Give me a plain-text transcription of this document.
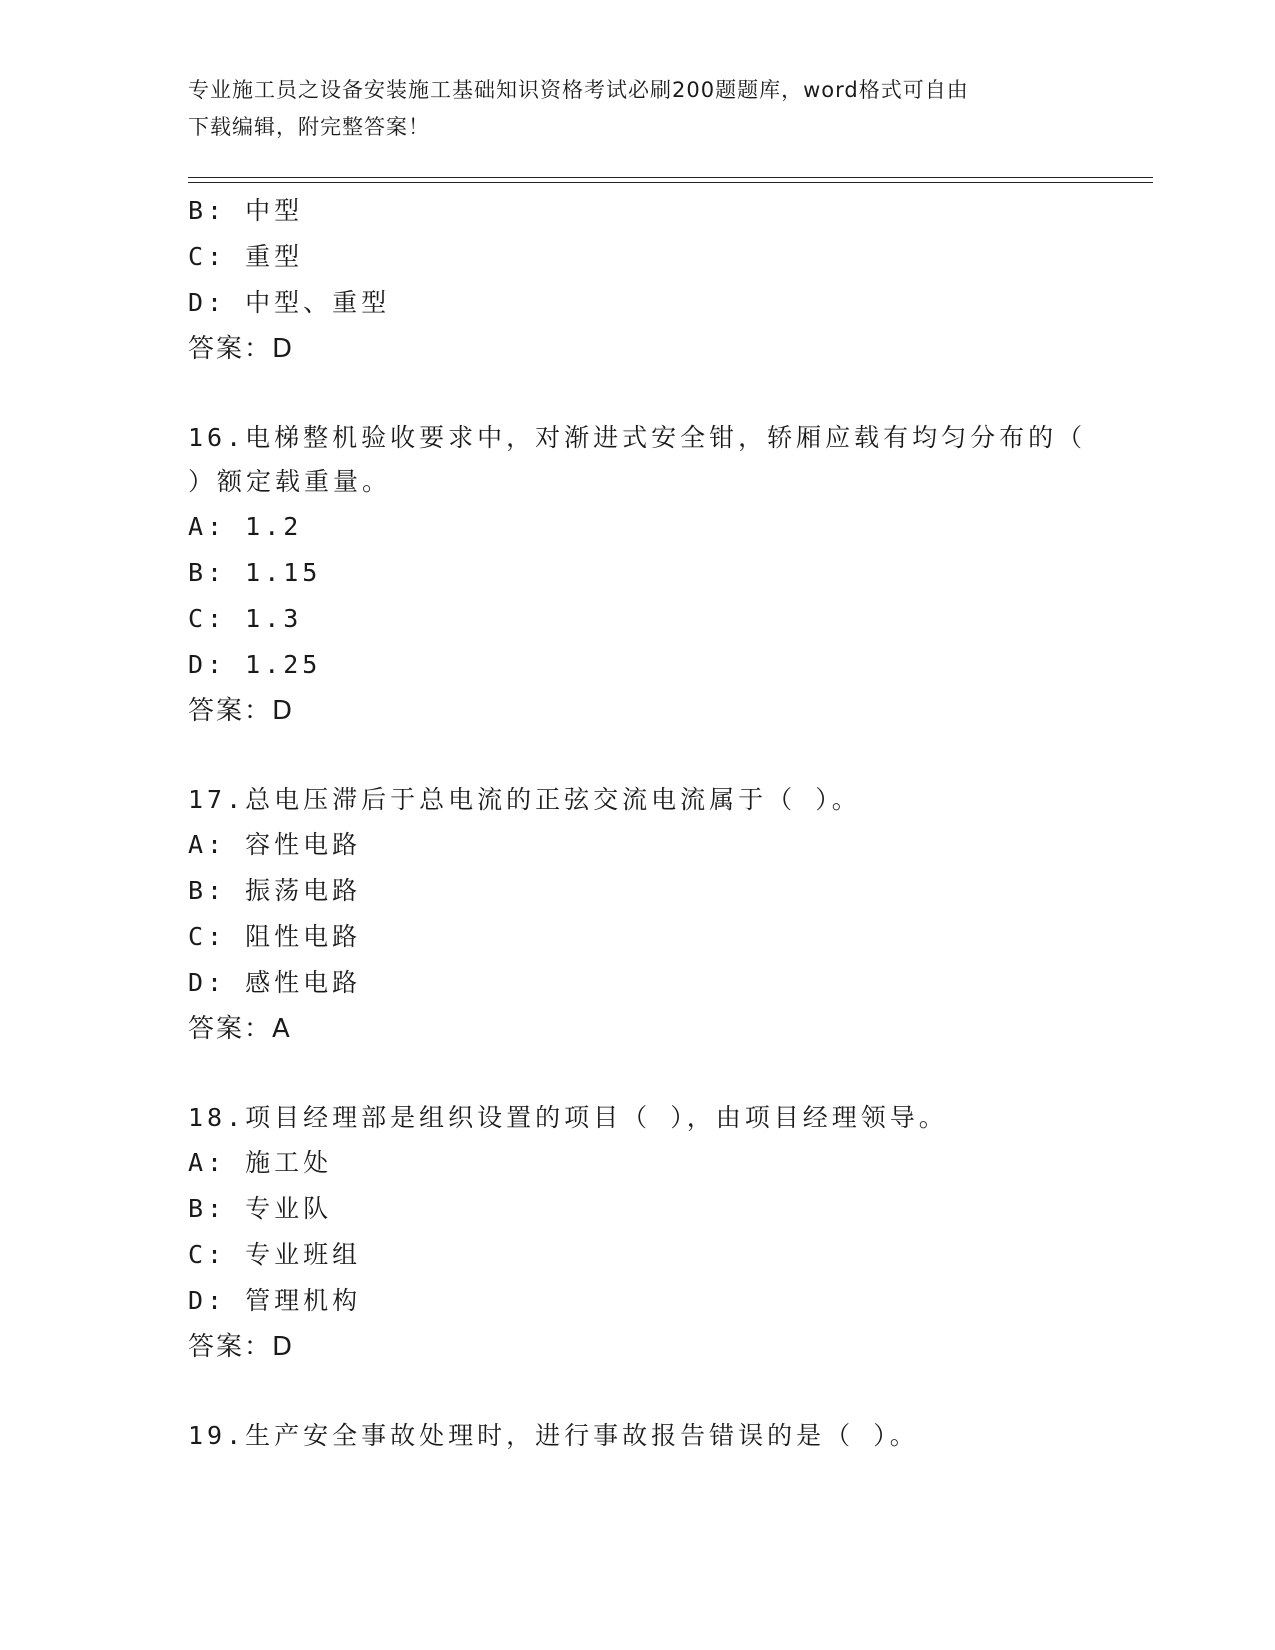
专业施工员之设备安装施工基础知识资格考试必刷200题题库，word格式可自由
下载编辑，附完整答案！
B: 中型
C: 重型
D: 中型、重型
答案：D
16.电梯整机验收要求中，对渐进式安全钳，轿厢应载有均匀分布的（
）额定载重量。
A: 1.2
B: 1.15
C: 1.3
D: 1.25
答案：D
17.总电压滞后于总电流的正弦交流电流属于（ ）。
A: 容性电路
B: 振荡电路
C: 阻性电路
D: 感性电路
答案：A
18.项目经理部是组织设置的项目（ ），由项目经理领导。
A: 施工处
B: 专业队
C: 专业班组
D: 管理机构
答案：D
19.生产安全事故处理时，进行事故报告错误的是（ ）。
